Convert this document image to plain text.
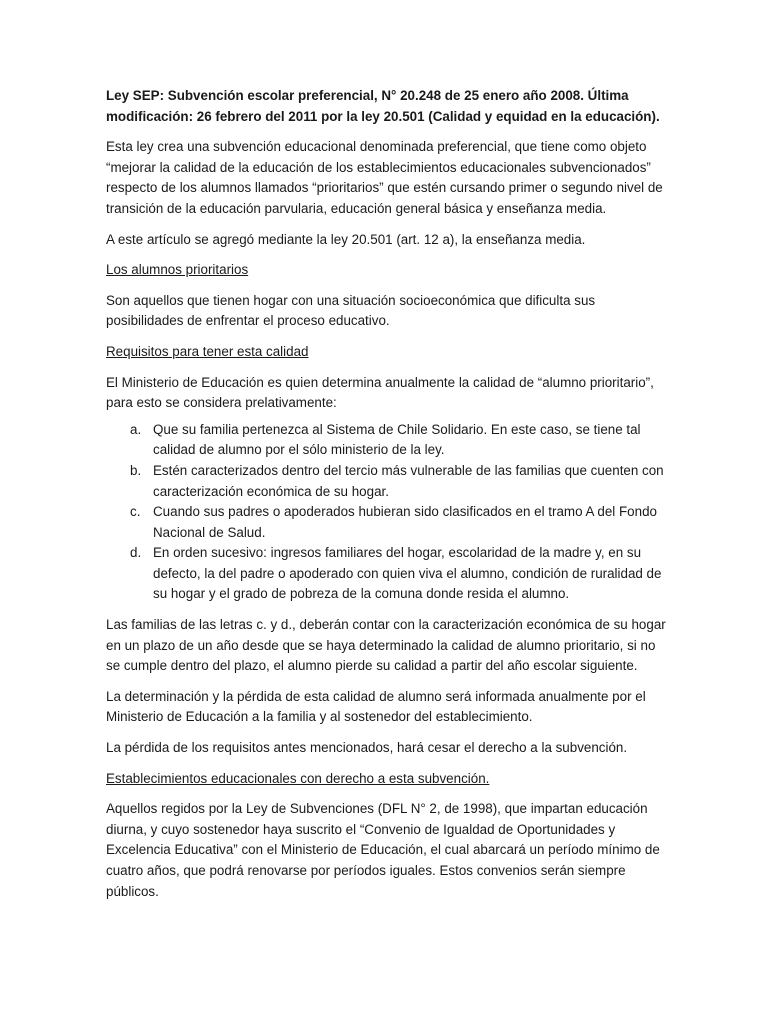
Ley SEP: Subvención escolar preferencial, N° 20.248 de 25 enero año 2008. Última modificación: 26 febrero del 2011 por la ley 20.501 (Calidad y equidad en la educación).

Esta ley crea una subvención educacional denominada preferencial, que tiene como objeto “mejorar la calidad de la educación de los establecimientos educacionales subvencionados” respecto de los alumnos llamados “prioritarios” que estén cursando primer o segundo nivel de transición de la educación parvularia, educación general básica y enseñanza media.

A este artículo se agregó mediante la ley 20.501 (art. 12 a), la enseñanza media.

Los alumnos prioritarios

Son aquellos que tienen hogar con una situación socioeconómica que dificulta sus posibilidades de enfrentar el proceso educativo.

Requisitos para tener esta calidad

El Ministerio de Educación es quien determina anualmente la calidad de “alumno prioritario”, para esto se considera prelativamente:

a. Que su familia pertenezca al Sistema de Chile Solidario. En este caso, se tiene tal calidad de alumno por el sólo ministerio de la ley.
b. Estén caracterizados dentro del tercio más vulnerable de las familias que cuenten con caracterización económica de su hogar.
c. Cuando sus padres o apoderados hubieran sido clasificados en el tramo A del Fondo Nacional de Salud.
d. En orden sucesivo: ingresos familiares del hogar, escolaridad de la madre y, en su defecto, la del padre o apoderado con quien viva el alumno, condición de ruralidad de su hogar y el grado de pobreza de la comuna donde resida el alumno.

Las familias de las letras c. y d., deberán contar con la caracterización económica de su hogar en un plazo de un año desde que se haya determinado la calidad de alumno prioritario, si no se cumple dentro del plazo, el alumno pierde su calidad a partir del año escolar siguiente.

La determinación y la pérdida de esta calidad de alumno será informada anualmente por el Ministerio de Educación a la familia y al sostenedor del establecimiento.

La pérdida de los requisitos antes mencionados, hará cesar el derecho a la subvención.

Establecimientos educacionales con derecho a esta subvención.

Aquellos regidos por la Ley de Subvenciones (DFL N° 2, de 1998), que impartan educación diurna, y cuyo sostenedor haya suscrito el “Convenio de Igualdad de Oportunidades y Excelencia Educativa” con el Ministerio de Educación, el cual abarcará un período mínimo de cuatro años, que podrá renovarse por períodos iguales. Estos convenios serán siempre públicos.
